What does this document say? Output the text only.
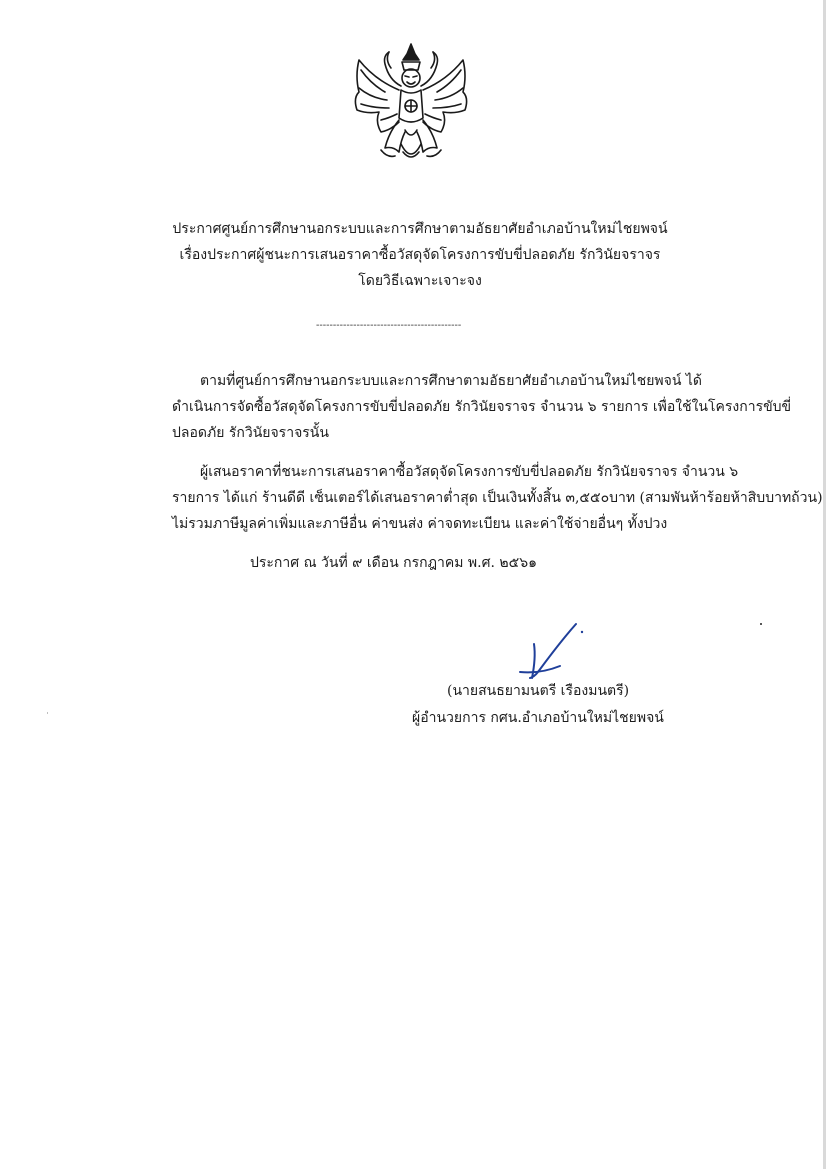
ประกาศศูนย์การศึกษานอกระบบและการศึกษาตามอัธยาศัยอำเภอบ้านใหม่ไชยพจน์
เรื่องประกาศผู้ชนะการเสนอราคาซื้อวัสดุจัดโครงการขับขี่ปลอดภัย รักวินัยจราจร
โดยวิธีเฉพาะเจาะจง
-------------------------------------------
ตามที่ศูนย์การศึกษานอกระบบและการศึกษาตามอัธยาศัยอำเภอบ้านใหม่ไชยพจน์ ได้
ดำเนินการจัดซื้อวัสดุจัดโครงการขับขี่ปลอดภัย รักวินัยจราจร จำนวน ๖ รายการ เพื่อใช้ในโครงการขับขี่
ปลอดภัย รักวินัยจราจรนั้น
ผู้เสนอราคาที่ชนะการเสนอราคาซื้อวัสดุจัดโครงการขับขี่ปลอดภัย รักวินัยจราจร จำนวน ๖
รายการ ได้แก่ ร้านดีดี เซ็นเตอร์ได้เสนอราคาต่ำสุด เป็นเงินทั้งสิ้น ๓,๕๕๐บาท (สามพันห้าร้อยห้าสิบบาทถ้วน)
ไม่รวมภาษีมูลค่าเพิ่มและภาษีอื่น ค่าขนส่ง ค่าจดทะเบียน และค่าใช้จ่ายอื่นๆ ทั้งปวง
ประกาศ ณ วันที่ ๙ เดือน กรกฎาคม พ.ศ. ๒๕๖๑
(นายสนธยามนตรี เรืองมนตรี)
ผู้อำนวยการ กศน.อำเภอบ้านใหม่ไชยพจน์
